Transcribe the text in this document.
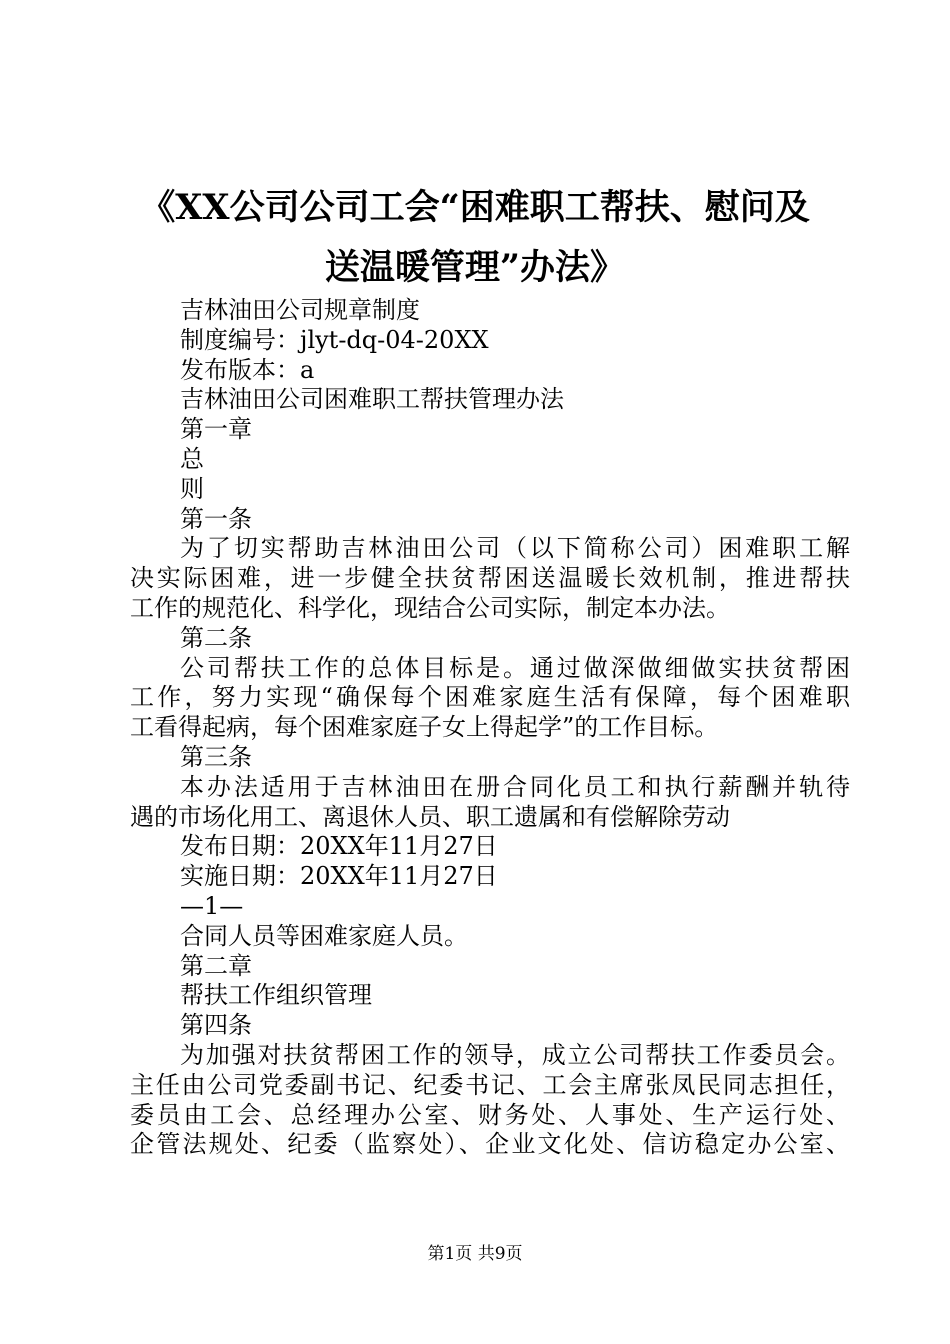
《XX公司公司工会“困难职工帮扶、慰问及
送温暖管理”办法》
吉林油田公司规章制度
制度编号：jlyt-dq-04-20XX
发布版本：a
吉林油田公司困难职工帮扶管理办法
第一章
总
则
第一条
为了切实帮助吉林油田公司（以下简称公司）困难职工解
决实际困难，进一步健全扶贫帮困送温暖长效机制，推进帮扶
工作的规范化、科学化，现结合公司实际，制定本办法。
第二条
公司帮扶工作的总体目标是。通过做深做细做实扶贫帮困
工作，努力实现“确保每个困难家庭生活有保障，每个困难职
工看得起病，每个困难家庭子女上得起学”的工作目标。
第三条
本办法适用于吉林油田在册合同化员工和执行薪酬并轨待
遇的市场化用工、离退休人员、职工遗属和有偿解除劳动
发布日期：20XX年11月27日
实施日期：20XX年11月27日
—1—
合同人员等困难家庭人员。
第二章
帮扶工作组织管理
第四条
为加强对扶贫帮困工作的领导，成立公司帮扶工作委员会。
主任由公司党委副书记、纪委书记、工会主席张凤民同志担任，
委员由工会、总经理办公室、财务处、人事处、生产运行处、
企管法规处、纪委（监察处）、企业文化处、信访稳定办公室、
第1页 共9页
